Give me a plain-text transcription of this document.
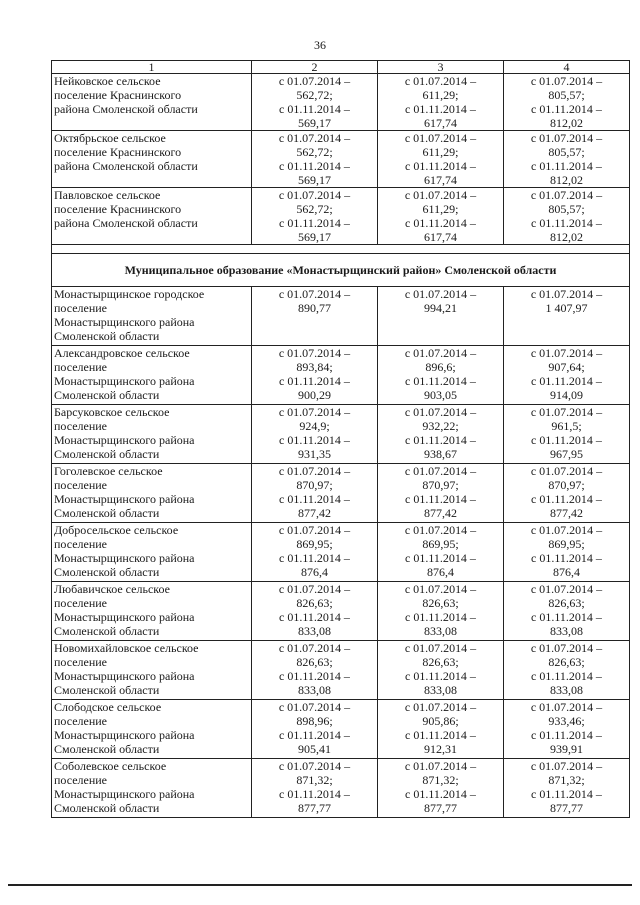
36
1	2	3	4

Нейковское сельское
поселение Краснинского
района Смоленской области	с 01.07.2014 –
562,72;
с 01.11.2014 –
569,17	с 01.07.2014 –
611,29;
с 01.11.2014 –
617,74	с 01.07.2014 –
805,57;
с 01.11.2014 –
812,02

Октябрьское сельское
поселение Краснинского
района Смоленской области	с 01.07.2014 –
562,72;
с 01.11.2014 –
569,17	с 01.07.2014 –
611,29;
с 01.11.2014 –
617,74	с 01.07.2014 –
805,57;
с 01.11.2014 –
812,02

Павловское сельское
поселение Краснинского
района Смоленской области	с 01.07.2014 –
562,72;
с 01.11.2014 –
569,17	с 01.07.2014 –
611,29;
с 01.11.2014 –
617,74	с 01.07.2014 –
805,57;
с 01.11.2014 –
812,02

Муниципальное образование «Монастырщинский район» Смоленской области			

Монастырщинское городское
поселение
Монастырщинского района
Смоленской области	с 01.07.2014 –
890,77	с 01.07.2014 –
994,21	с 01.07.2014 –
1 407,97

Александровское сельское
поселение
Монастырщинского района
Смоленской области	с 01.07.2014 –
893,84;
с 01.11.2014 –
900,29	с 01.07.2014 –
896,6;
с 01.11.2014 –
903,05	с 01.07.2014 –
907,64;
с 01.11.2014 –
914,09

Барсуковское сельское
поселение
Монастырщинского района
Смоленской области	с 01.07.2014 –
924,9;
с 01.11.2014 –
931,35	с 01.07.2014 –
932,22;
с 01.11.2014 –
938,67	с 01.07.2014 –
961,5;
с 01.11.2014 –
967,95

Гоголевское сельское
поселение
Монастырщинского района
Смоленской области	с 01.07.2014 –
870,97;
с 01.11.2014 –
877,42	с 01.07.2014 –
870,97;
с 01.11.2014 –
877,42	с 01.07.2014 –
870,97;
с 01.11.2014 –
877,42

Добросельское сельское
поселение
Монастырщинского района
Смоленской области	с 01.07.2014 –
869,95;
с 01.11.2014 –
876,4	с 01.07.2014 –
869,95;
с 01.11.2014 –
876,4	с 01.07.2014 –
869,95;
с 01.11.2014 –
876,4

Любавичское сельское
поселение
Монастырщинского района
Смоленской области	с 01.07.2014 –
826,63;
с 01.11.2014 –
833,08	с 01.07.2014 –
826,63;
с 01.11.2014 –
833,08	с 01.07.2014 –
826,63;
с 01.11.2014 –
833,08

Новомихайловское сельское
поселение
Монастырщинского района
Смоленской области	с 01.07.2014 –
826,63;
с 01.11.2014 –
833,08	с 01.07.2014 –
826,63;
с 01.11.2014 –
833,08	с 01.07.2014 –
826,63;
с 01.11.2014 –
833,08

Слободское сельское
поселение
Монастырщинского района
Смоленской области	с 01.07.2014 –
898,96;
с 01.11.2014 –
905,41	с 01.07.2014 –
905,86;
с 01.11.2014 –
912,31	с 01.07.2014 –
933,46;
с 01.11.2014 –
939,91

Соболевское сельское
поселение
Монастырщинского района
Смоленской области	с 01.07.2014 –
871,32;
с 01.11.2014 –
877,77	с 01.07.2014 –
871,32;
с 01.11.2014 –
877,77	с 01.07.2014 –
871,32;
с 01.11.2014 –
877,77
